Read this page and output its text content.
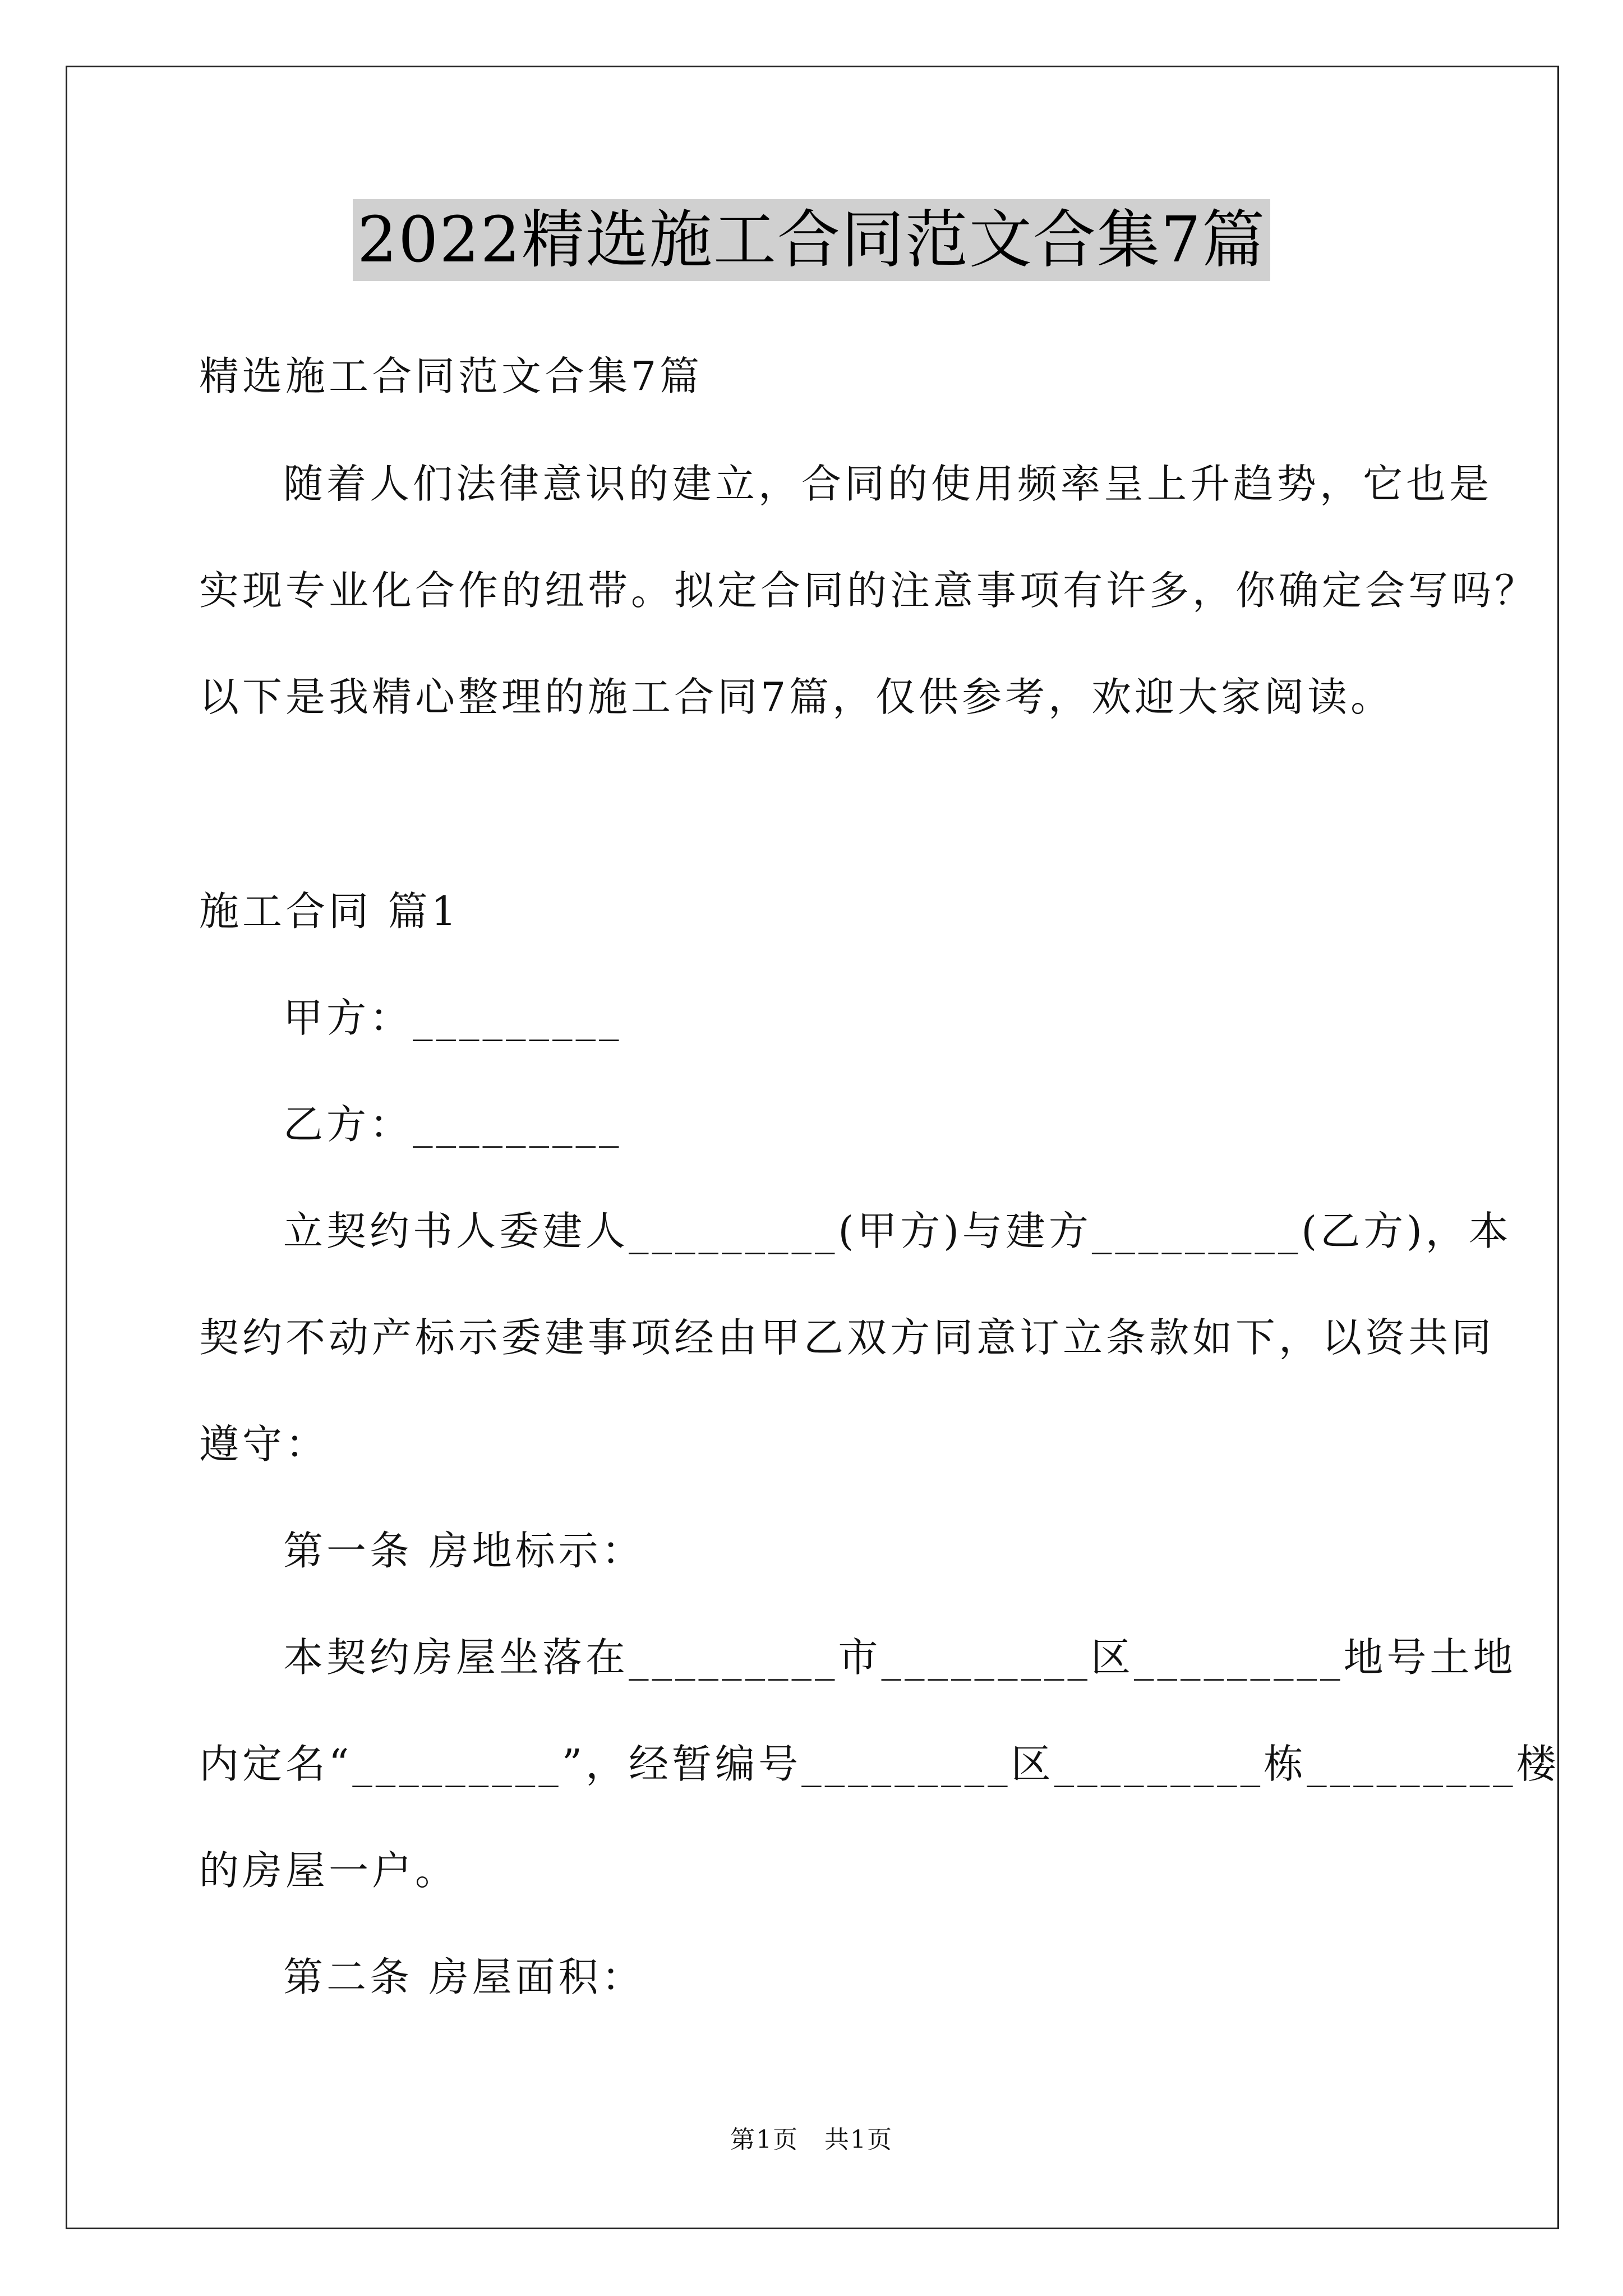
2022精选施工合同范文合集7篇
精选施工合同范文合集7篇
随着人们法律意识的建立，合同的使用频率呈上升趋势，它也是
实现专业化合作的纽带。拟定合同的注意事项有许多，你确定会写吗？
以下是我精心整理的施工合同7篇，仅供参考，欢迎大家阅读。
施工合同 篇1
甲方：_________
乙方：_________
立契约书人委建人_________(甲方)与建方_________(乙方)，本
契约不动产标示委建事项经由甲乙双方同意订立条款如下，以资共同
遵守：
第一条 房地标示：
本契约房屋坐落在_________市_________区_________地号土地
内定名“_________”，经暂编号_________区_________栋_________楼
的房屋一户。
第二条 房屋面积：
第1页　共1页
